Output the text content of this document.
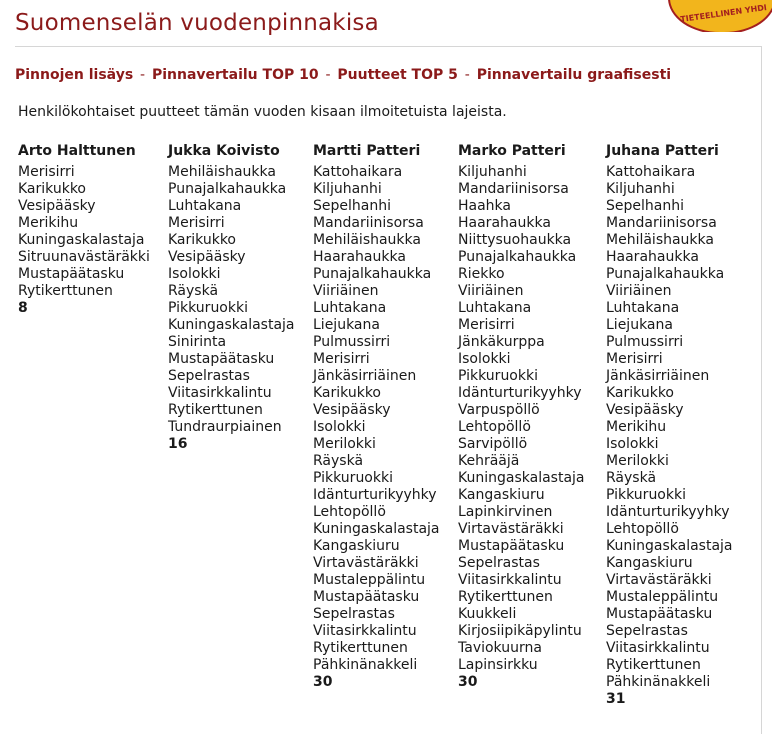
TIETEELLINEN YHDI
Suomenselän vuodenpinnakisa
Pinnojen lisäys - Pinnavertailu TOP 10 - Puutteet TOP 5 - Pinnavertailu graafisesti
Henkilökohtaiset puutteet tämän vuoden kisaan ilmoitetuista lajeista.
Arto Halttunen
Merisirri
Karikukko
Vesipääsky
Merikihu
Kuningaskalastaja
Sitruunavästäräkki
Mustapäätasku
Rytikerttunen
8
Jukka Koivisto
Mehiläishaukka
Punajalkahaukka
Luhtakana
Merisirri
Karikukko
Vesipääsky
Isolokki
Räyskä
Pikkuruokki
Kuningaskalastaja
Sinirinta
Mustapäätasku
Sepelrastas
Viitasirkkalintu
Rytikerttunen
Tundraurpiainen
16
Martti Patteri
Kattohaikara
Kiljuhanhi
Sepelhanhi
Mandariinisorsa
Mehiläishaukka
Haarahaukka
Punajalkahaukka
Viiriäinen
Luhtakana
Liejukana
Pulmussirri
Merisirri
Jänkäsirriäinen
Karikukko
Vesipääsky
Isolokki
Merilokki
Räyskä
Pikkuruokki
Idänturturikyyhky
Lehtopöllö
Kuningaskalastaja
Kangaskiuru
Virtavästäräkki
Mustaleppälintu
Mustapäätasku
Sepelrastas
Viitasirkkalintu
Rytikerttunen
Pähkinänakkeli
30
Marko Patteri
Kiljuhanhi
Mandariinisorsa
Haahka
Haarahaukka
Niittysuohaukka
Punajalkahaukka
Riekko
Viiriäinen
Luhtakana
Merisirri
Jänkäkurppa
Isolokki
Pikkuruokki
Idänturturikyyhky
Varpuspöllö
Lehtopöllö
Sarvipöllö
Kehrääjä
Kuningaskalastaja
Kangaskiuru
Lapinkirvinen
Virtavästäräkki
Mustapäätasku
Sepelrastas
Viitasirkkalintu
Rytikerttunen
Kuukkeli
Kirjosiipikäpylintu
Taviokuurna
Lapinsirkku
30
Juhana Patteri
Kattohaikara
Kiljuhanhi
Sepelhanhi
Mandariinisorsa
Mehiläishaukka
Haarahaukka
Punajalkahaukka
Viiriäinen
Luhtakana
Liejukana
Pulmussirri
Merisirri
Jänkäsirriäinen
Karikukko
Vesipääsky
Merikihu
Isolokki
Merilokki
Räyskä
Pikkuruokki
Idänturturikyyhky
Lehtopöllö
Kuningaskalastaja
Kangaskiuru
Virtavästäräkki
Mustaleppälintu
Mustapäätasku
Sepelrastas
Viitasirkkalintu
Rytikerttunen
Pähkinänakkeli
31
